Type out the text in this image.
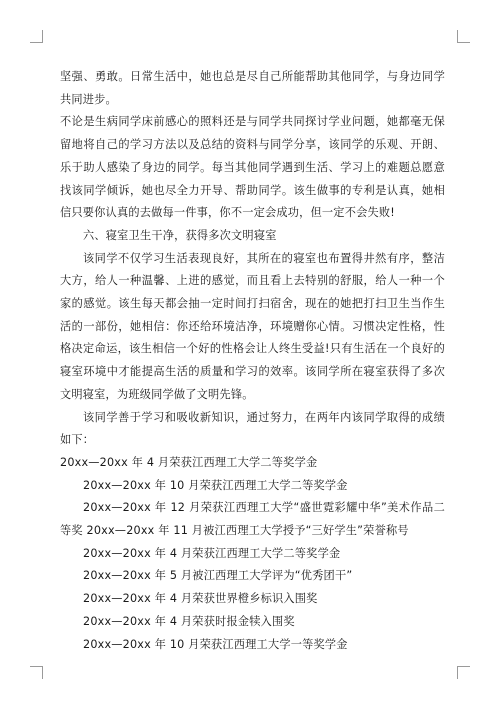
坚强、勇敢。日常生活中，她也总是尽自己所能帮助其他同学，与身边同学共同进步。

不论是生病同学床前感心的照料还是与同学共同探讨学业问题，她都毫无保留地将自己的学习方法以及总结的资料与同学分享，该同学的乐观、开朗、乐于助人感染了身边的同学。每当其他同学遇到生活、学习上的难题总愿意找该同学倾诉，她也尽全力开导、帮助同学。该生做事的专利是认真，她相信只要你认真的去做每一件事，你不一定会成功，但一定不会失败!

六、寝室卫生干净，获得多次文明寝室

该同学不仅学习生活表现良好，其所在的寝室也布置得井然有序，整洁大方，给人一种温馨、上进的感觉，而且看上去特别的舒服，给人一种一个家的感觉。该生每天都会抽一定时间打扫宿舍，现在的她把打扫卫生当作生活的一部份，她相信：你还给环境洁净，环境赠你心情。习惯决定性格，性格决定命运，该生相信一个好的性格会让人终生受益!只有生活在一个良好的寝室环境中才能提高生活的质量和学习的效率。该同学所在寝室获得了多次文明寝室，为班级同学做了文明先锋。

该同学善于学习和吸收新知识，通过努力，在两年内该同学取得的成绩如下：

20xx—20xx 年 4 月荣获江西理工大学二等奖学金

20xx—20xx 年 10 月荣获江西理工大学二等奖学金

20xx—20xx 年 12 月荣获江西理工大学“盛世霓彩耀中华”美术作品二等奖 20xx—20xx 年 11 月被江西理工大学授予“三好学生”荣誉称号

20xx—20xx 年 4 月荣获江西理工大学二等奖学金

20xx—20xx 年 5 月被江西理工大学评为“优秀团干”

20xx—20xx 年 4 月荣获世界橙乡标识入围奖

20xx—20xx 年 4 月荣获时报金犊入围奖

20xx—20xx 年 10 月荣获江西理工大学一等奖学金
